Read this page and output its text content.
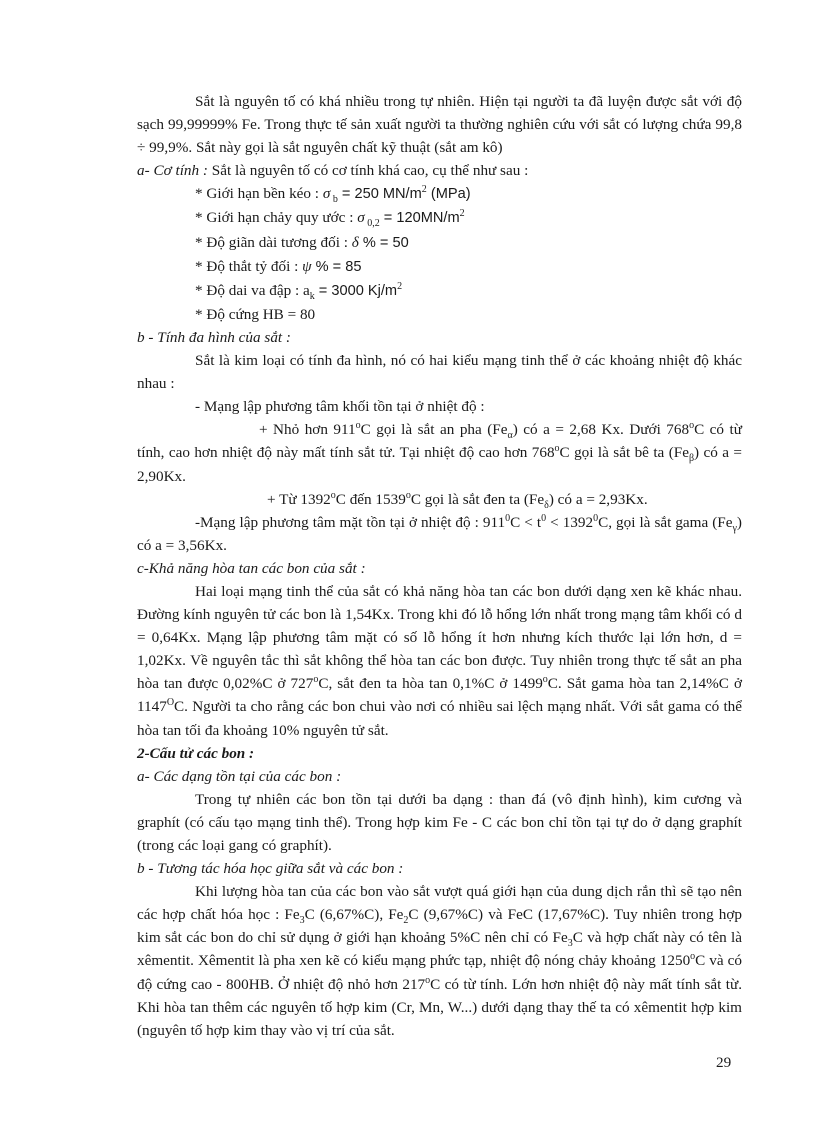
Sắt là nguyên tố có khá nhiều trong tự nhiên. Hiện tại người ta đã luyện được sắt với độ sạch 99,99999% Fe. Trong thực tế sản xuất người ta thường nghiên cứu với sắt có lượng chứa 99,8 ÷ 99,9%. Sắt này gọi là sắt nguyên chất kỹ thuật (sắt am kô)

a- Cơ tính : Sắt là nguyên tố có cơ tính khá cao, cụ thể như sau :

* Giới hạn bền kéo : σ $_b$ = 250 $MN/m^2$ (MPa)

* Giới hạn chảy quy ước : σ $_{0,2} = 120MN/m^2$

* Độ giãn dài tương đối : δ % = 50

* Độ thắt tỷ đối : ψ % = 85

* Độ dai va đập : $a_k = 3000$ $Kj/m^2$

* Độ cứng HB = 80

b - Tính đa hình của sắt :

Sắt là kim loại có tính đa hình, nó có hai kiểu mạng tinh thể ở các khoảng nhiệt độ khác nhau :

- Mạng lập phương tâm khối tồn tại ở nhiệt độ :

+ Nhỏ hơn 911$^o$C gọi là sắt an pha $(Fe_\alpha)$ có a = 2,68 Kx. Dưới 768$^o$C có từ tính, cao hơn nhiệt độ này mất tính sắt tử. Tại nhiệt độ cao hơn 768$^o$C gọi là sắt bê ta $(Fe_\beta)$ có a = 2,90Kx.

+ Từ 1392$^o$C đến 1539$^o$C gọi là sắt đen ta $(Fe_\delta)$ có a = 2,93Kx.

-Mạng lập phương tâm mặt tồn tại ở nhiệt độ : $911^0C < t^0 < 1392^0C$, gọi là sắt gama $(Fe_\gamma)$ có a = 3,56Kx.

c-Khả năng hòa tan các bon của sắt :

Hai loại mạng tinh thể của sắt có khả năng hòa tan các bon dưới dạng xen kẽ khác nhau. Đường kính nguyên tử các bon là 1,54Kx. Trong khi đó lỗ hổng lớn nhất trong mạng tâm khối có d = 0,64Kx. Mạng lập phương tâm mặt có số lỗ hổng ít hơn nhưng kích thước lại lớn hơn, d = 1,02Kx. Về nguyên tắc thì sắt không thể hòa tan các bon được. Tuy nhiên trong thực tế sắt an pha hòa tan được 0,02%C ở 727$^o$C, sắt đen ta hòa tan 0,1%C ở 1499$^o$C. Sắt gama hòa tan 2,14%C ở $1147^OC$. Người ta cho rằng các bon chui vào nơi có nhiều sai lệch mạng nhất. Với sắt gama có thể hòa tan tối đa khoảng 10% nguyên tử sắt.

2-Cấu tử các bon :

a- Các dạng tồn tại của các bon :

Trong tự nhiên các bon tồn tại dưới ba dạng : than đá (vô định hình), kim cương và graphít (có cấu tạo mạng tinh thể). Trong hợp kim Fe - C các bon chỉ tồn tại tự do ở dạng graphít (trong các loại gang có graphít).

b - Tương tác hóa học giữa sắt và các bon :

Khi lượng hòa tan của các bon vào sắt vượt quá giới hạn của dung dịch rắn thì sẽ tạo nên các hợp chất hóa học : $Fe_3C$ (6,67%C), $Fe_2C$ (9,67%C) và FeC (17,67%C). Tuy nhiên trong hợp kim sắt các bon do chỉ sử dụng ở giới hạn khoảng 5%C nên chỉ có $Fe_3C$ và hợp chất này có tên là xêmentit. Xêmentit là pha xen kẽ có kiểu mạng phức tạp, nhiệt độ nóng chảy khoảng 1250$^o$C và có độ cứng cao - 800HB. Ở nhiệt độ nhỏ hơn 217$^o$C có từ tính. Lớn hơn nhiệt độ này mất tính sắt từ. Khi hòa tan thêm các nguyên tố hợp kim (Cr, Mn, W...) dưới dạng thay thế ta có xêmentit hợp kim (nguyên tố hợp kim thay vào vị trí của sắt.

29
